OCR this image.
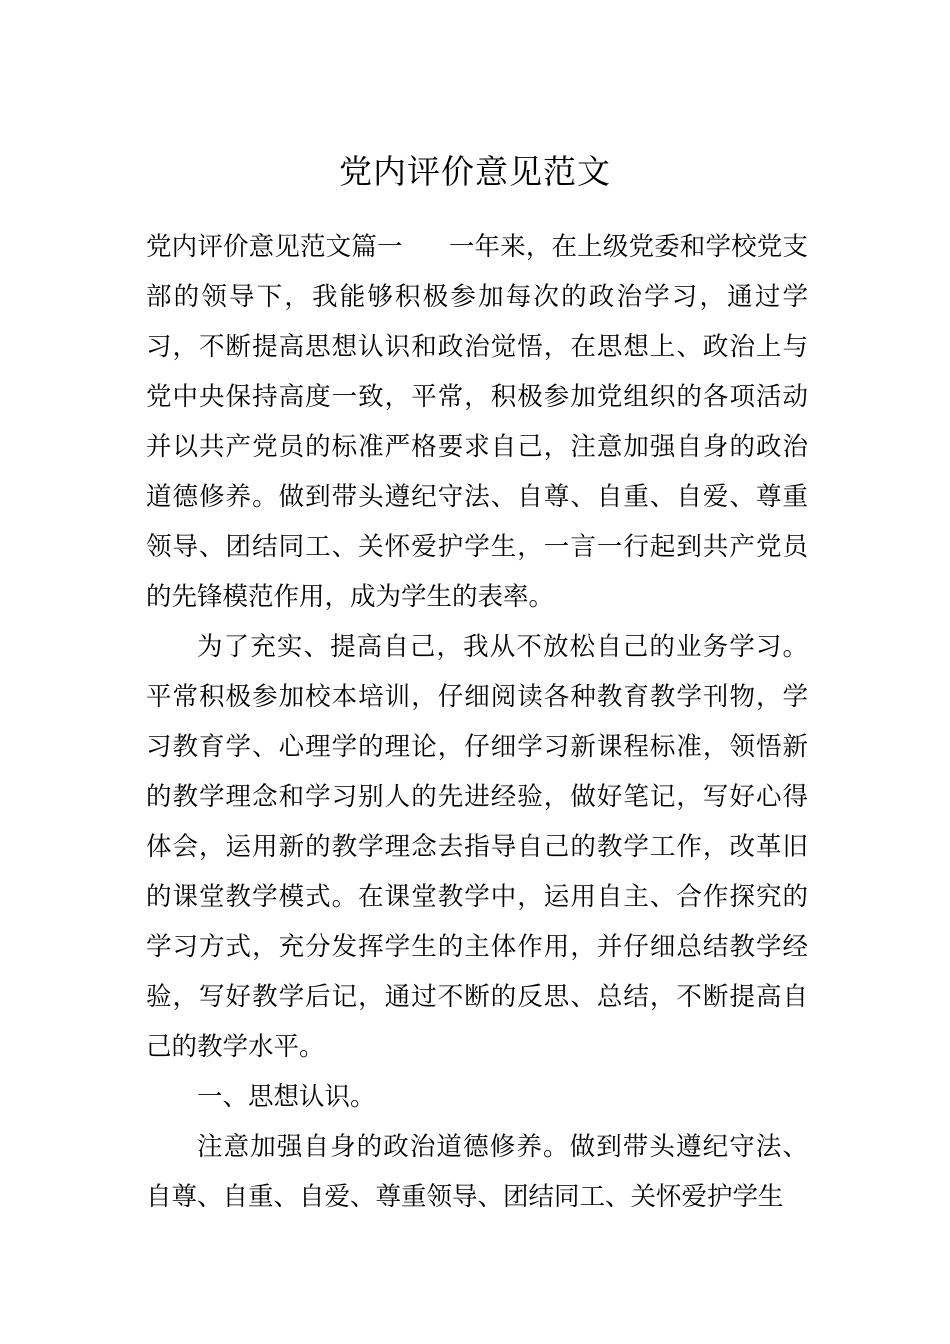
党内评价意见范文

党内评价意见范文篇一 一年来，在上级党委和学校党支部的领导下，我能够积极参加每次的政治学习，通过学习，不断提高思想认识和政治觉悟，在思想上、政治上与党中央保持高度一致，平常，积极参加党组织的各项活动并以共产党员的标准严格要求自己，注意加强自身的政治道德修养。做到带头遵纪守法、自尊、自重、自爱、尊重领导、团结同工、关怀爱护学生，一言一行起到共产党员的先锋模范作用，成为学生的表率。

为了充实、提高自己，我从不放松自己的业务学习。平常积极参加校本培训，仔细阅读各种教育教学刊物，学习教育学、心理学的理论，仔细学习新课程标准，领悟新的教学理念和学习别人的先进经验，做好笔记，写好心得体会，运用新的教学理念去指导自己的教学工作，改革旧的课堂教学模式。在课堂教学中，运用自主、合作探究的学习方式，充分发挥学生的主体作用，并仔细总结教学经验，写好教学后记，通过不断的反思、总结，不断提高自己的教学水平。

一、思想认识。

注意加强自身的政治道德修养。做到带头遵纪守法、自尊、自重、自爱、尊重领导、团结同工、关怀爱护学生
